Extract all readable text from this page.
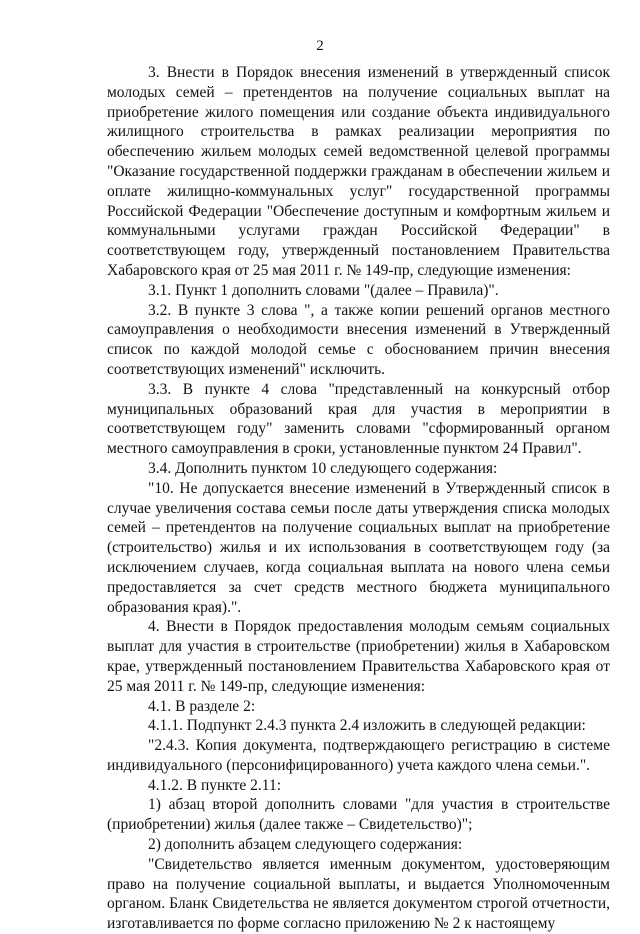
2

3. Внести в Порядок внесения изменений в утвержденный список молодых семей – претендентов на получение социальных выплат на приобретение жилого помещения или создание объекта индивидуального жилищного строительства в рамках реализации мероприятия по обеспечению жильем молодых семей ведомственной целевой программы "Оказание государственной поддержки гражданам в обеспечении жильем и оплате жилищно-коммунальных услуг" государственной программы Российской Федерации "Обеспечение доступным и комфортным жильем и коммунальными услугами граждан Российской Федерации" в соответствующем году, утвержденный постановлением Правительства Хабаровского края от 25 мая 2011 г. № 149-пр, следующие изменения:

3.1. Пункт 1 дополнить словами "(далее – Правила)".

3.2. В пункте 3 слова ", а также копии решений органов местного самоуправления о необходимости внесения изменений в Утвержденный список по каждой молодой семье с обоснованием причин внесения соответствующих изменений" исключить.

3.3. В пункте 4 слова "представленный на конкурсный отбор муниципальных образований края для участия в мероприятии в соответствующем году" заменить словами "сформированный органом местного самоуправления в сроки, установленные пунктом 24 Правил".

3.4. Дополнить пунктом 10 следующего содержания:

"10. Не допускается внесение изменений в Утвержденный список в случае увеличения состава семьи после даты утверждения списка молодых семей – претендентов на получение социальных выплат на приобретение (строительство) жилья и их использования в соответствующем году (за исключением случаев, когда социальная выплата на нового члена семьи предоставляется за счет средств местного бюджета муниципального образования края).".

4. Внести в Порядок предоставления молодым семьям социальных выплат для участия в строительстве (приобретении) жилья в Хабаровском крае, утвержденный постановлением Правительства Хабаровского края от 25 мая 2011 г. № 149-пр, следующие изменения:

4.1. В разделе 2:

4.1.1. Подпункт 2.4.3 пункта 2.4 изложить в следующей редакции:

"2.4.3. Копия документа, подтверждающего регистрацию в системе индивидуального (персонифицированного) учета каждого члена семьи.".

4.1.2. В пункте 2.11:

1) абзац второй дополнить словами "для участия в строительстве (приобретении) жилья (далее также – Свидетельство)";

2) дополнить абзацем следующего содержания:

"Свидетельство является именным документом, удостоверяющим право на получение социальной выплаты, и выдается Уполномоченным органом. Бланк Свидетельства не является документом строгой отчетности, изготавливается по форме согласно приложению № 2 к настоящему
